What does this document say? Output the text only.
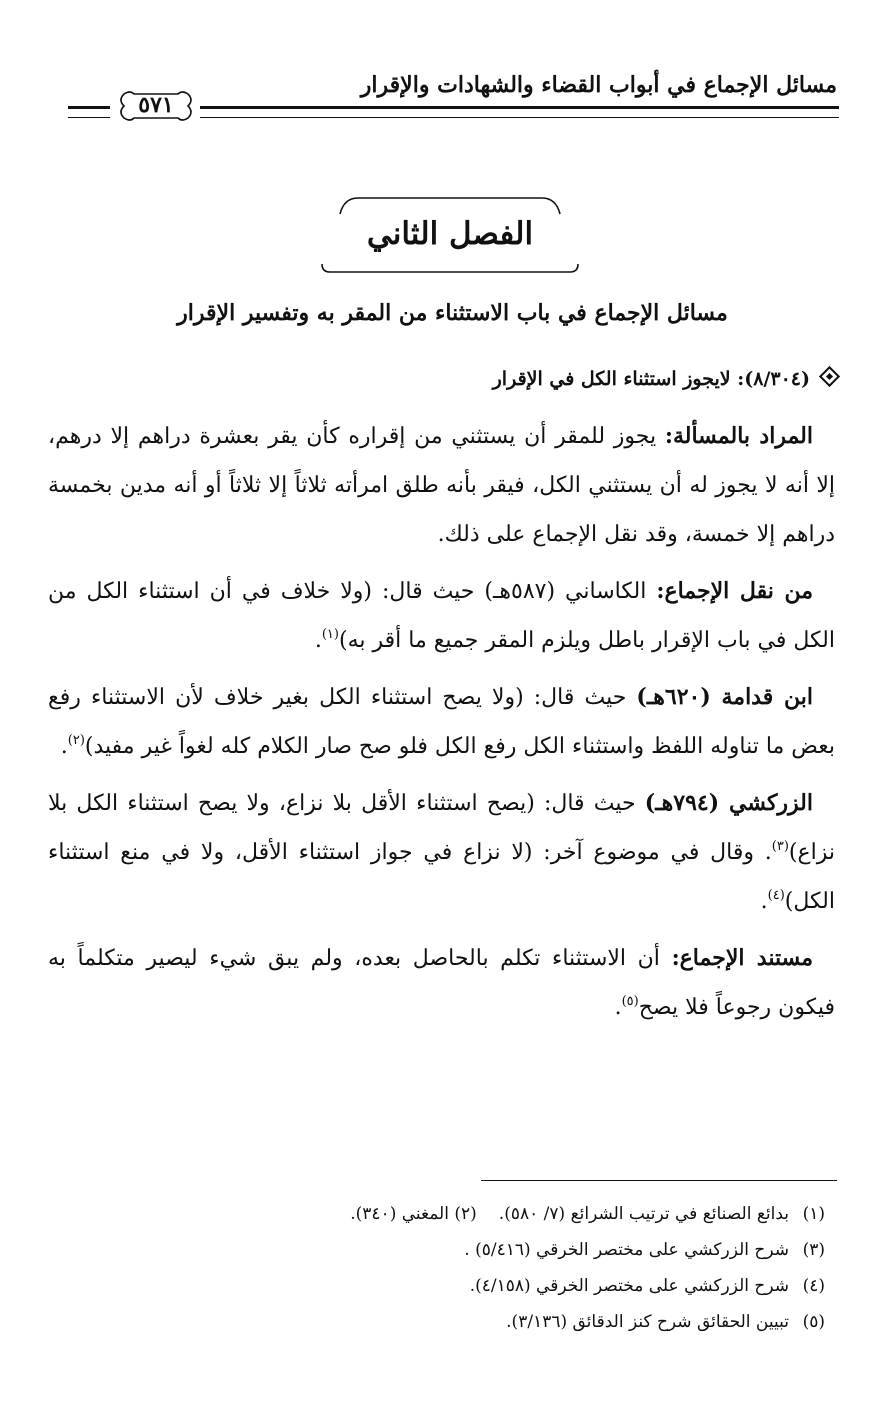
مسائل الإجماع في أبواب القضاء والشهادات والإقرار
٥٧١
الفصل الثاني
مسائل الإجماع في باب الاستثناء من المقر به وتفسير الإقرار
(٨/٣٠٤): لايجوز استثناء الكل في الإقرار

المراد بالمسألة: يجوز للمقر أن يستثني من إقراره كأن يقر بعشرة دراهم إلا درهم، إلا أنه لا يجوز له أن يستثني الكل، فيقر بأنه طلق امرأته ثلاثاً إلا ثلاثاً أو أنه مدين بخمسة دراهم إلا خمسة، وقد نقل الإجماع على ذلك.

من نقل الإجماع: الكاساني (٥٨٧هـ) حيث قال: (ولا خلاف في أن استثناء الكل من الكل في باب الإقرار باطل ويلزم المقر جميع ما أقر به)$^{(١)}$.

ابن قدامة (٦٢٠هـ) حيث قال: (ولا يصح استثناء الكل بغير خلاف لأن الاستثناء رفع بعض ما تناوله اللفظ واستثناء الكل رفع الكل فلو صح صار الكلام كله لغواً غير مفيد)$^{(٢)}$.

الزركشي (٧٩٤هـ) حيث قال: (يصح استثناء الأقل بلا نزاع، ولا يصح استثناء الكل بلا نزاع)$^{(٣)}$. وقال في موضوع آخر: (لا نزاع في جواز استثناء الأقل، ولا في منع استثناء الكل)$^{(٤)}$.

مستند الإجماع: أن الاستثناء تكلم بالحاصل بعده، ولم يبق شيء ليصير متكلماً به فيكون رجوعاً فلا يصح$^{(٥)}$.

(١)بدائع الصنائع في ترتيب الشرائع (٧/ ٥٨٠).(٢) المغني (٣٤٠).

(٣)شرح الزركشي على مختصر الخرقي (٥/٤١٦) .

(٤)شرح الزركشي على مختصر الخرقي (٤/١٥٨).

(٥)تبيين الحقائق شرح كنز الدقائق (٣/١٣٦).
